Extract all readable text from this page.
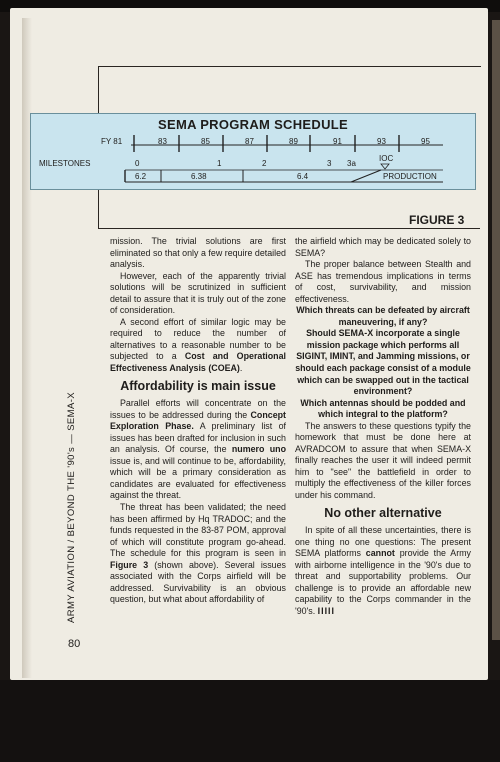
SEMA PROGRAM SCHEDULE
FY 81	83	85	87	89	91	93	95
MILESTONES	0	1	2	3 3a
IOC
6.2	6.38	6.4	PRODUCTION
FIGURE 3

mission. The trivial solutions are first eliminated so that only a few require detailed analysis.

However, each of the apparently trivial solutions will be scrutinized in sufficient detail to assure that it is truly out of the zone of consideration.

A second effort of similar logic may be required to reduce the number of alternatives to a reasonable number to be subjected to a Cost and Operational Effectiveness Analysis (COEA).

Affordability is main issue

Parallel efforts will concentrate on the issues to be addressed during the Concept Exploration Phase. A preliminary list of issues has been drafted for inclusion in such an analysis. Of course, the numero uno issue is, and will continue to be, affordability, which will be a primary consideration as candidates are evaluated for effectiveness against the threat.

The threat has been validated; the need has been affirmed by Hq TRADOC; and the funds requested in the 83-87 POM, approval of which will constitute program go-ahead. The schedule for this program is seen in Figure 3 (shown above). Several issues associated with the Corps airfield will be addressed. Survivability is an obvious question, but what about affordability of

the airfield which may be dedicated solely to SEMA?

The proper balance between Stealth and ASE has tremendous implications in terms of cost, survivability, and mission effectiveness.

Which threats can be defeated by aircraft maneuvering, if any?

Should SEMA-X incorporate a single mission package which performs all SIGINT, IMINT, and Jamming missions, or should each package consist of a module which can be swapped out in the tactical environment?

Which antennas should be podded and which integral to the platform?

The answers to these questions typify the homework that must be done here at AVRADCOM to assure that when SEMA-X finally reaches the user it will indeed permit him to "see" the battlefield in order to multiply the effectiveness of the killer forces under his command.

No other alternative

In spite of all these uncertainties, there is one thing no one questions: The present SEMA platforms cannot provide the Army with airborne intelligence in the '90's due to threat and supportability problems. Our challenge is to provide an affordable new capability to the Corps commander in the '90's. IIIII

ARMY AVIATION / BEYOND THE '90's — SEMA-X
80
